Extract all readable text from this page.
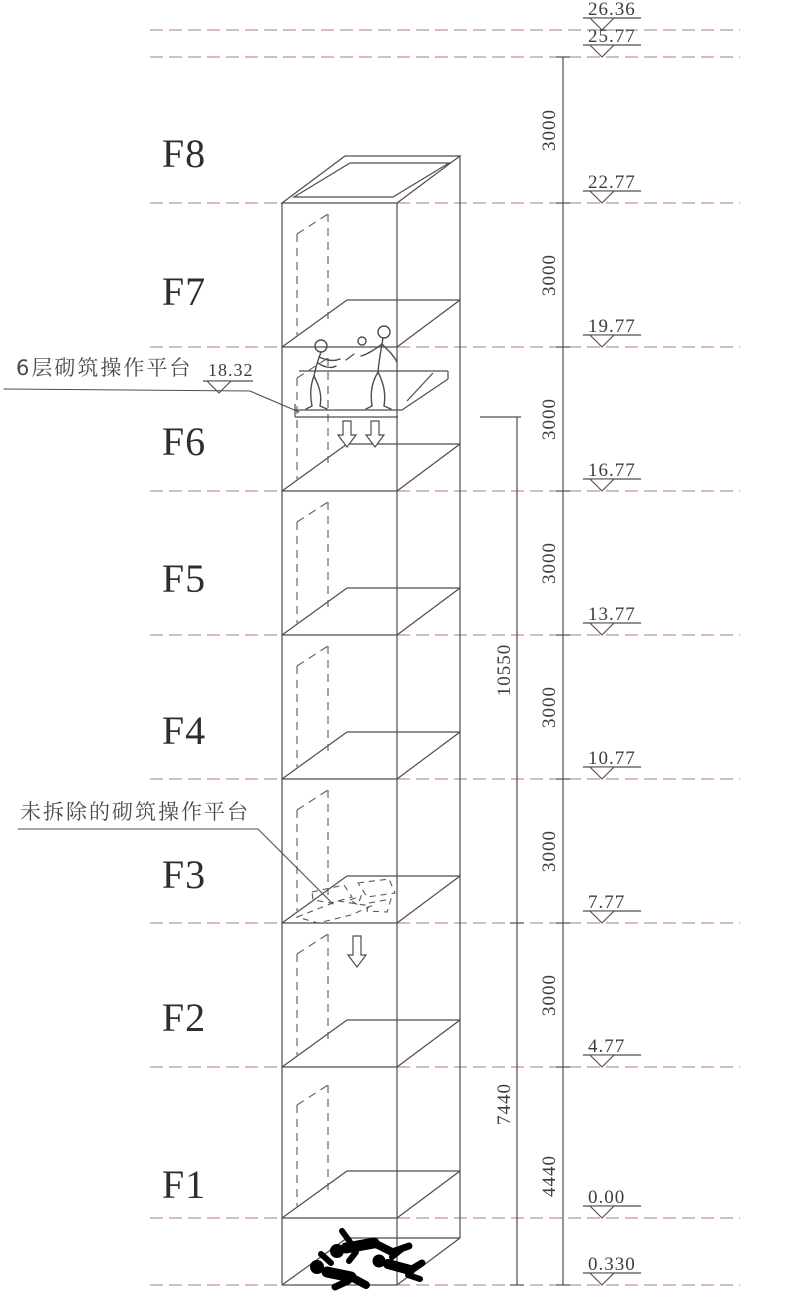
6层砌筑操作平台
未拆除的砌筑操作平台
18.32
F8
F7
F6
F5
F4
F3
F2
F1
26.36
25.77
22.77
19.77
16.77
13.77
10.77
7.77
4.77
0.00
0.330
3000
3000
3000
3000
3000
3000
3000
4440
10550
7440
